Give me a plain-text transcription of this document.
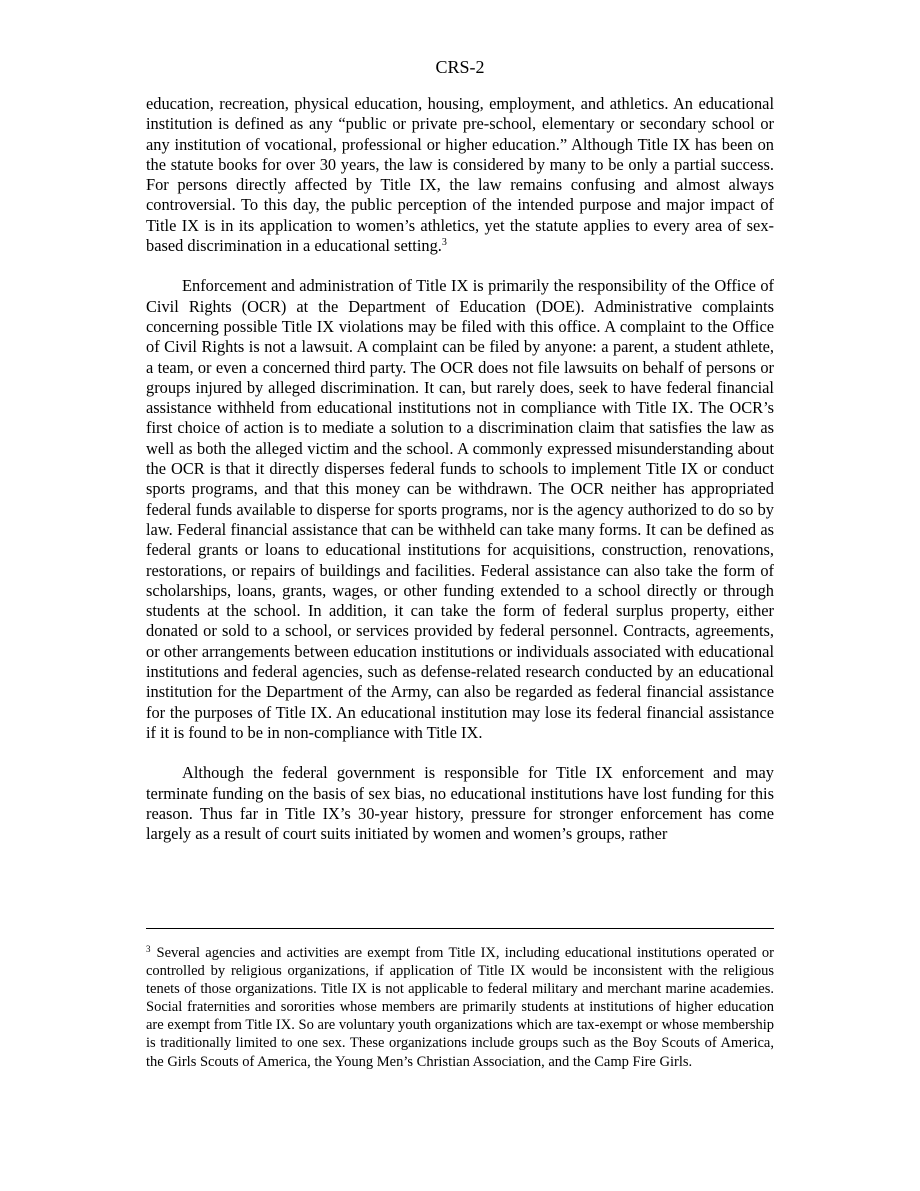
CRS-2

education, recreation, physical education, housing, employment, and athletics. An educational institution is defined as any “public or private pre-school, elementary or secondary school or any institution of vocational, professional or higher education.” Although Title IX has been on the statute books for over 30 years, the law is considered by many to be only a partial success. For persons directly affected by Title IX, the law remains confusing and almost always controversial. To this day, the public perception of the intended purpose and major impact of Title IX is in its application to women’s athletics, yet the statute applies to every area of sex-based discrimination in a educational setting.$^3$

Enforcement and administration of Title IX is primarily the responsibility of the Office of Civil Rights (OCR) at the Department of Education (DOE). Administrative complaints concerning possible Title IX violations may be filed with this office. A complaint to the Office of Civil Rights is not a lawsuit. A complaint can be filed by anyone: a parent, a student athlete, a team, or even a concerned third party. The OCR does not file lawsuits on behalf of persons or groups injured by alleged discrimination. It can, but rarely does, seek to have federal financial assistance withheld from educational institutions not in compliance with Title IX. The OCR’s first choice of action is to mediate a solution to a discrimination claim that satisfies the law as well as both the alleged victim and the school. A commonly expressed misunderstanding about the OCR is that it directly disperses federal funds to schools to implement Title IX or conduct sports programs, and that this money can be withdrawn. The OCR neither has appropriated federal funds available to disperse for sports programs, nor is the agency authorized to do so by law. Federal financial assistance that can be withheld can take many forms. It can be defined as federal grants or loans to educational institutions for acquisitions, construction, renovations, restorations, or repairs of buildings and facilities. Federal assistance can also take the form of scholarships, loans, grants, wages, or other funding extended to a school directly or through students at the school. In addition, it can take the form of federal surplus property, either donated or sold to a school, or services provided by federal personnel. Contracts, agreements, or other arrangements between education institutions or individuals associated with educational institutions and federal agencies, such as defense-related research conducted by an educational institution for the Department of the Army, can also be regarded as federal financial assistance for the purposes of Title IX. An educational institution may lose its federal financial assistance if it is found to be in non-compliance with Title IX.

Although the federal government is responsible for Title IX enforcement and may terminate funding on the basis of sex bias, no educational institutions have lost funding for this reason. Thus far in Title IX’s 30-year history, pressure for stronger enforcement has come largely as a result of court suits initiated by women and women’s groups, rather

$^3$ Several agencies and activities are exempt from Title IX, including educational institutions operated or controlled by religious organizations, if application of Title IX would be inconsistent with the religious tenets of those organizations. Title IX is not applicable to federal military and merchant marine academies. Social fraternities and sororities whose members are primarily students at institutions of higher education are exempt from Title IX. So are voluntary youth organizations which are tax-exempt or whose membership is traditionally limited to one sex. These organizations include groups such as the Boy Scouts of America, the Girls Scouts of America, the Young Men’s Christian Association, and the Camp Fire Girls.
